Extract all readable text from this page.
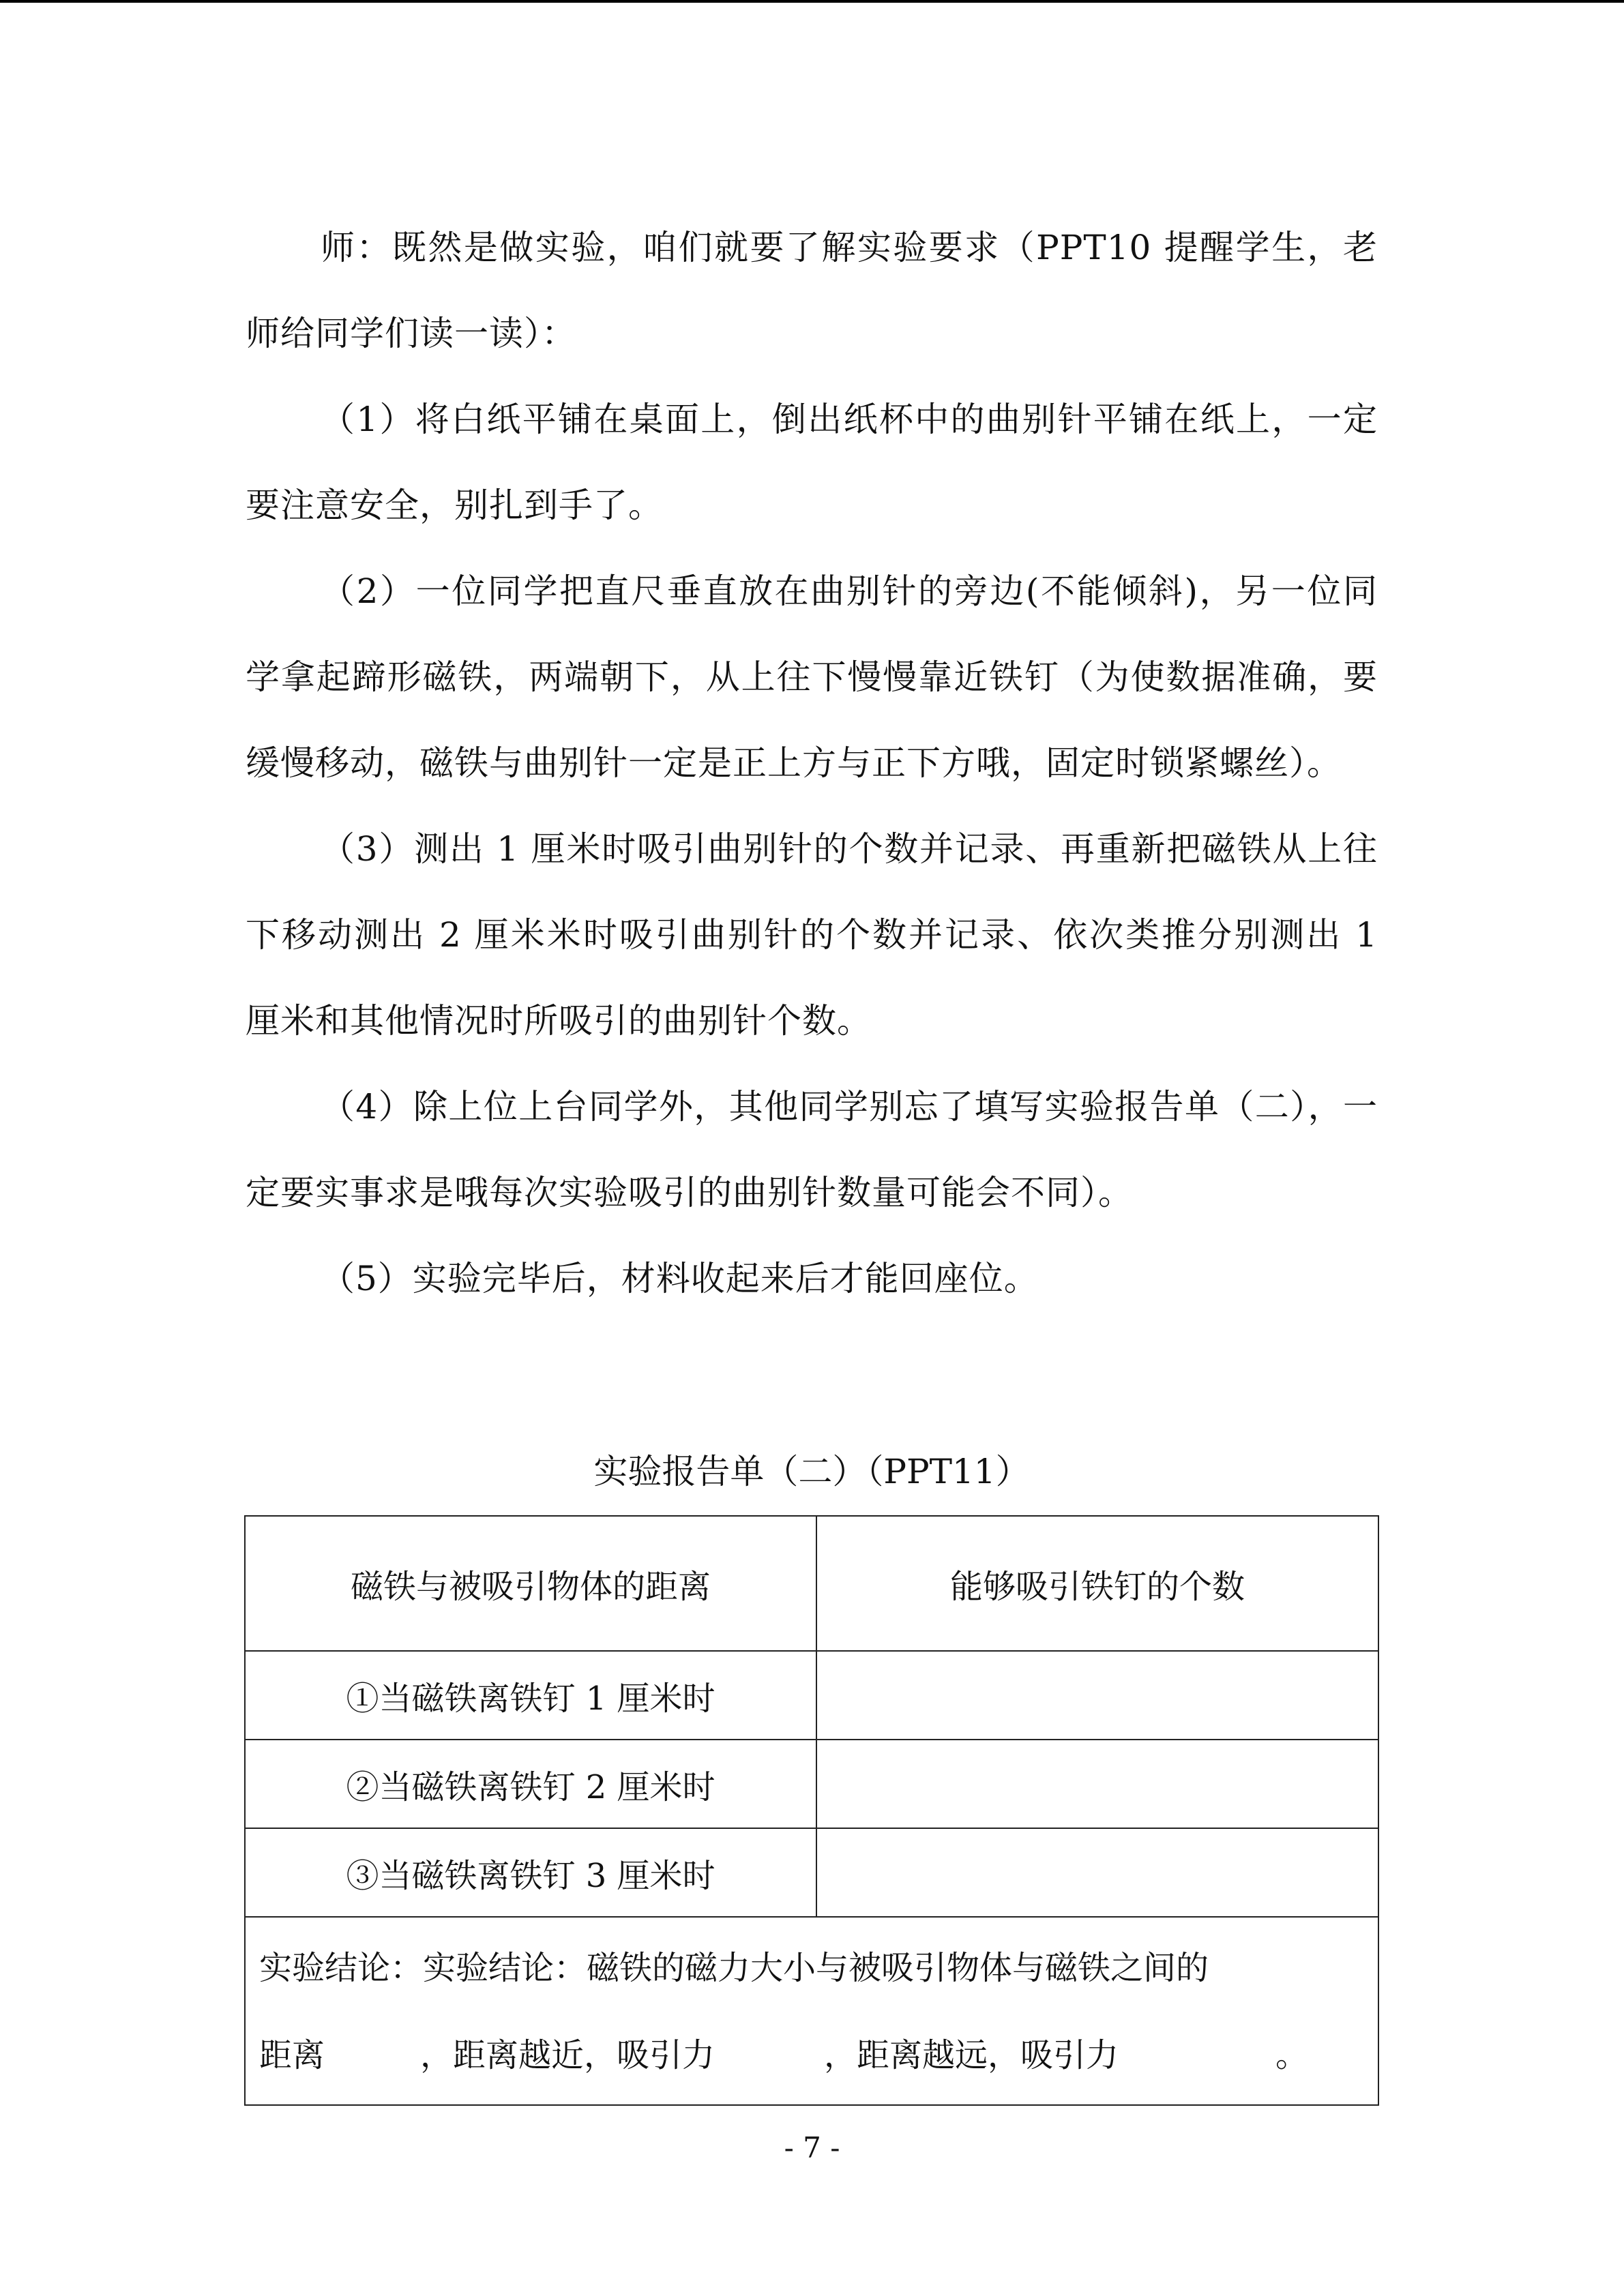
师：既然是做实验，咱们就要了解实验要求（PPT10 提醒学生，老师给同学们读一读）：

（1）将白纸平铺在桌面上，倒出纸杯中的曲别针平铺在纸上，一定要注意安全，别扎到手了。

（2）一位同学把直尺垂直放在曲别针的旁边(不能倾斜)，另一位同学拿起蹄形磁铁，两端朝下，从上往下慢慢靠近铁钉（为使数据准确，要缓慢移动，磁铁与曲别针一定是正上方与正下方哦，固定时锁紧螺丝）。

（3）测出 1 厘米时吸引曲别针的个数并记录、再重新把磁铁从上往下移动测出 2 厘米米时吸引曲别针的个数并记录、依次类推分别测出 1 厘米和其他情况时所吸引的曲别针个数。

（4）除上位上台同学外，其他同学别忘了填写实验报告单（二），一定要实事求是哦每次实验吸引的曲别针数量可能会不同）。

（5）实验完毕后，材料收起来后才能回座位。

实验报告单（二）（PPT11）
磁铁与被吸引物体的距离	能够吸引铁钉的个数
①当磁铁离铁钉 1 厘米时	
②当磁铁离铁钉 2 厘米时	
③当磁铁离铁钉 3 厘米时	

实验结论：实验结论：磁铁的磁力大小与被吸引物体与磁铁之间的
距离 ，距离越近，吸引力 ，距离越远，吸引力 。	
- 7 -
